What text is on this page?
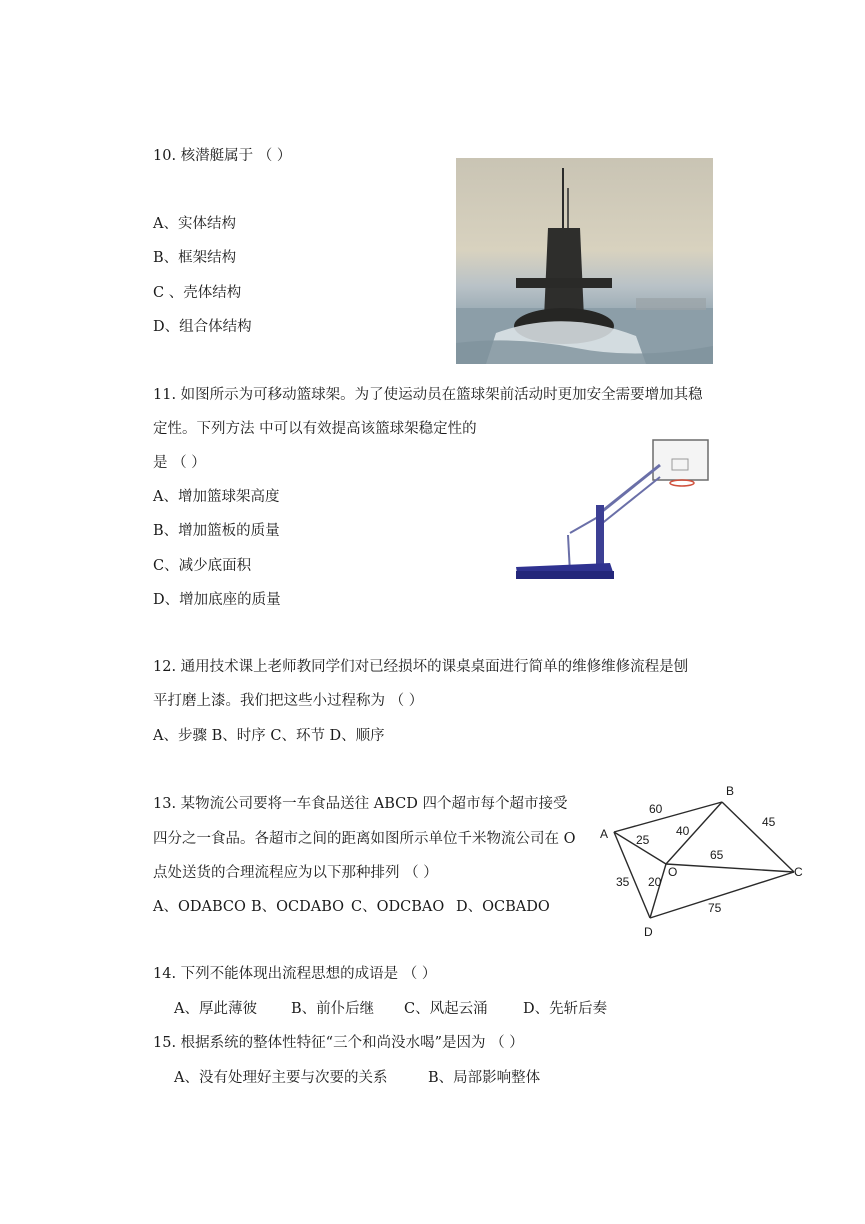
10. 核潜艇属于 （ ）
A、实体结构
B、框架结构
C 、壳体结构
D、组合体结构
11. 如图所示为可移动篮球架。为了使运动员在篮球架前活动时更加安全需要增加其稳
定性。下列方法 中可以有效提高该篮球架稳定性的
是 （ ）
A、增加篮球架高度
B、增加篮板的质量
C、减少底面积
D、增加底座的质量
12. 通用技术课上老师教同学们对已经损坏的课桌桌面进行简单的维修维修流程是刨
平打磨上漆。我们把这些小过程称为 （ ）
A、步骤 B、时序 C、环节 D、顺序
13. 某物流公司要将一车食品送往 ABCD 四个超市每个超市接受
四分之一食品。各超市之间的距离如图所示单位千米物流公司在 O
点处送货的合理流程应为以下那种排列 （ ）
A、ODABCO B、OCDABO C、ODCBAO D、OCBADO
A
B
C
D
O
60
45
25
40
65
35 20
75
14. 下列不能体现出流程思想的成语是 （ ）
A、厚此薄彼 B、前仆后继 C、风起云涌 D、先斩后奏
15. 根据系统的整体性特征“三个和尚没水喝”是因为 （ ）
A、没有处理好主要与次要的关系	B、局部影响整体
